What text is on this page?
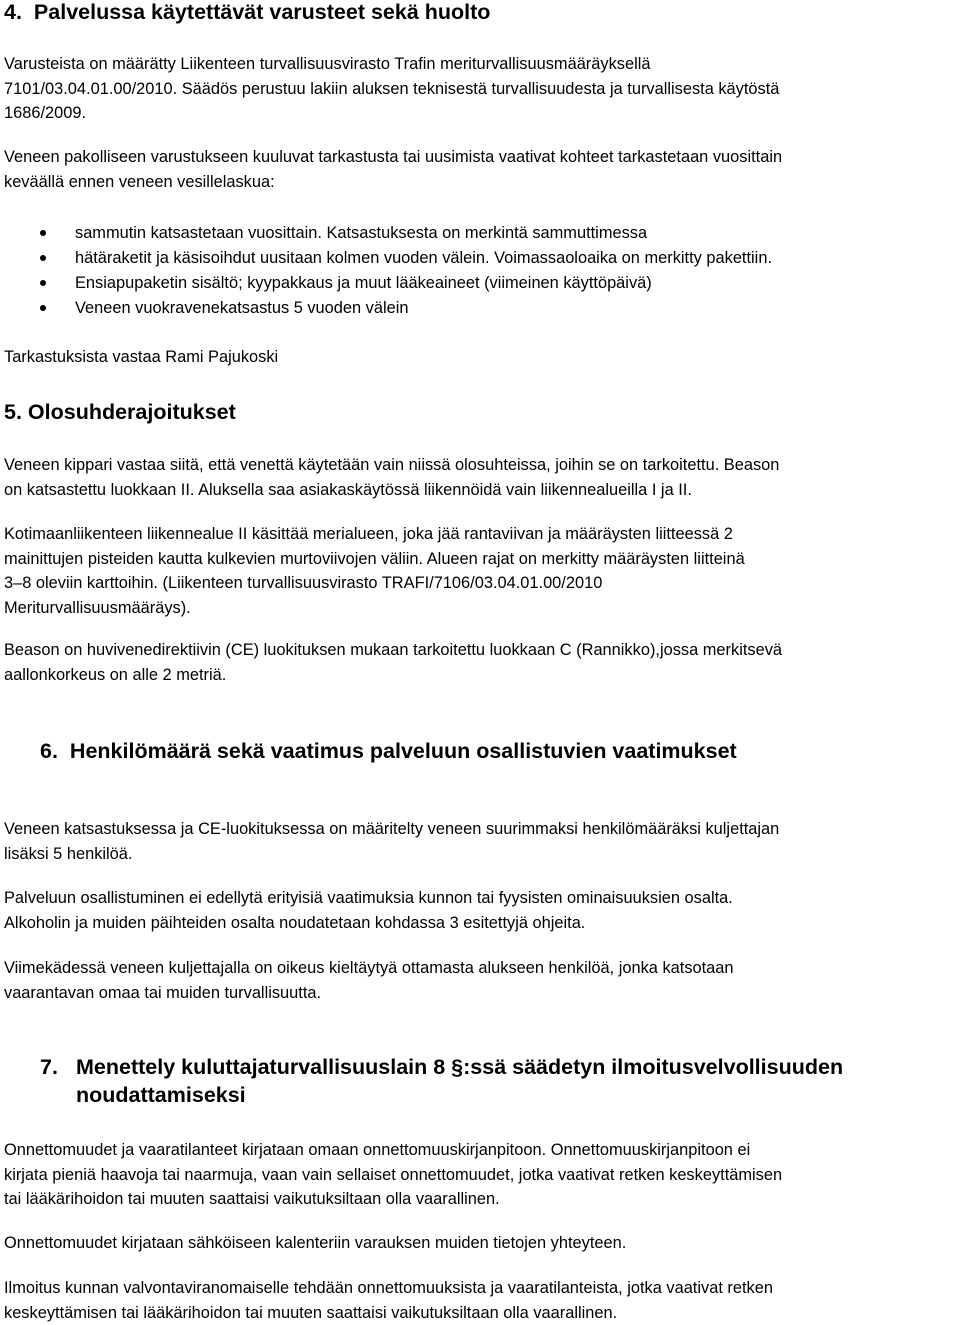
4. Palvelussa käytettävät varusteet sekä huolto

Varusteista on määrätty Liikenteen turvallisuusvirasto Trafin meriturvallisuusmääräyksellä
7101/03.04.01.00/2010. Säädös perustuu lakiin aluksen teknisestä turvallisuudesta ja turvallisesta käytöstä
1686/2009.

Veneen pakolliseen varustukseen kuuluvat tarkastusta tai uusimista vaativat kohteet tarkastetaan vuosittain
keväällä ennen veneen vesillelaskua:

sammutin katsastetaan vuosittain. Katsastuksesta on merkintä sammuttimessa
hätäraketit ja käsisoihdut uusitaan kolmen vuoden välein. Voimassaoloaika on merkitty pakettiin.
Ensiapupaketin sisältö; kyypakkaus ja muut lääkeaineet (viimeinen käyttöpäivä)
Veneen vuokravenekatsastus 5 vuoden välein

Tarkastuksista vastaa Rami Pajukoski

5. Olosuhderajoitukset

Veneen kippari vastaa siitä, että venettä käytetään vain niissä olosuhteissa, joihin se on tarkoitettu. Beason
on katsastettu luokkaan II. Aluksella saa asiakaskäytössä liikennöidä vain liikennealueilla I ja II.

Kotimaanliikenteen liikennealue II käsittää merialueen, joka jää rantaviivan ja määräysten liitteessä 2
mainittujen pisteiden kautta kulkevien murtoviivojen väliin. Alueen rajat on merkitty määräysten liitteinä
3–8 oleviin karttoihin. (Liikenteen turvallisuusvirasto TRAFI/7106/03.04.01.00/2010
Meriturvallisuusmääräys).

Beason on huvivenedirektiivin (CE) luokituksen mukaan tarkoitettu luokkaan C (Rannikko),jossa merkitsevä
aallonkorkeus on alle 2 metriä.

6. Henkilömäärä sekä vaatimus palveluun osallistuvien vaatimukset

Veneen katsastuksessa ja CE-luokituksessa on määritelty veneen suurimmaksi henkilömääräksi kuljettajan
lisäksi 5 henkilöä.

Palveluun osallistuminen ei edellytä erityisiä vaatimuksia kunnon tai fyysisten ominaisuuksien osalta.
Alkoholin ja muiden päihteiden osalta noudatetaan kohdassa 3 esitettyjä ohjeita.

Viimekädessä veneen kuljettajalla on oikeus kieltäytyä ottamasta alukseen henkilöä, jonka katsotaan
vaarantavan omaa tai muiden turvallisuutta.

7. Menettely kuluttajaturvallisuuslain 8 §:ssä säädetyn ilmoitusvelvollisuuden
noudattamiseksi

Onnettomuudet ja vaaratilanteet kirjataan omaan onnettomuuskirjanpitoon. Onnettomuuskirjanpitoon ei
kirjata pieniä haavoja tai naarmuja, vaan vain sellaiset onnettomuudet, jotka vaativat retken keskeyttämisen
tai lääkärihoidon tai muuten saattaisi vaikutuksiltaan olla vaarallinen.

Onnettomuudet kirjataan sähköiseen kalenteriin varauksen muiden tietojen yhteyteen.

Ilmoitus kunnan valvontaviranomaiselle tehdään onnettomuuksista ja vaaratilanteista, jotka vaativat retken
keskeyttämisen tai lääkärihoidon tai muuten saattaisi vaikutuksiltaan olla vaarallinen.
